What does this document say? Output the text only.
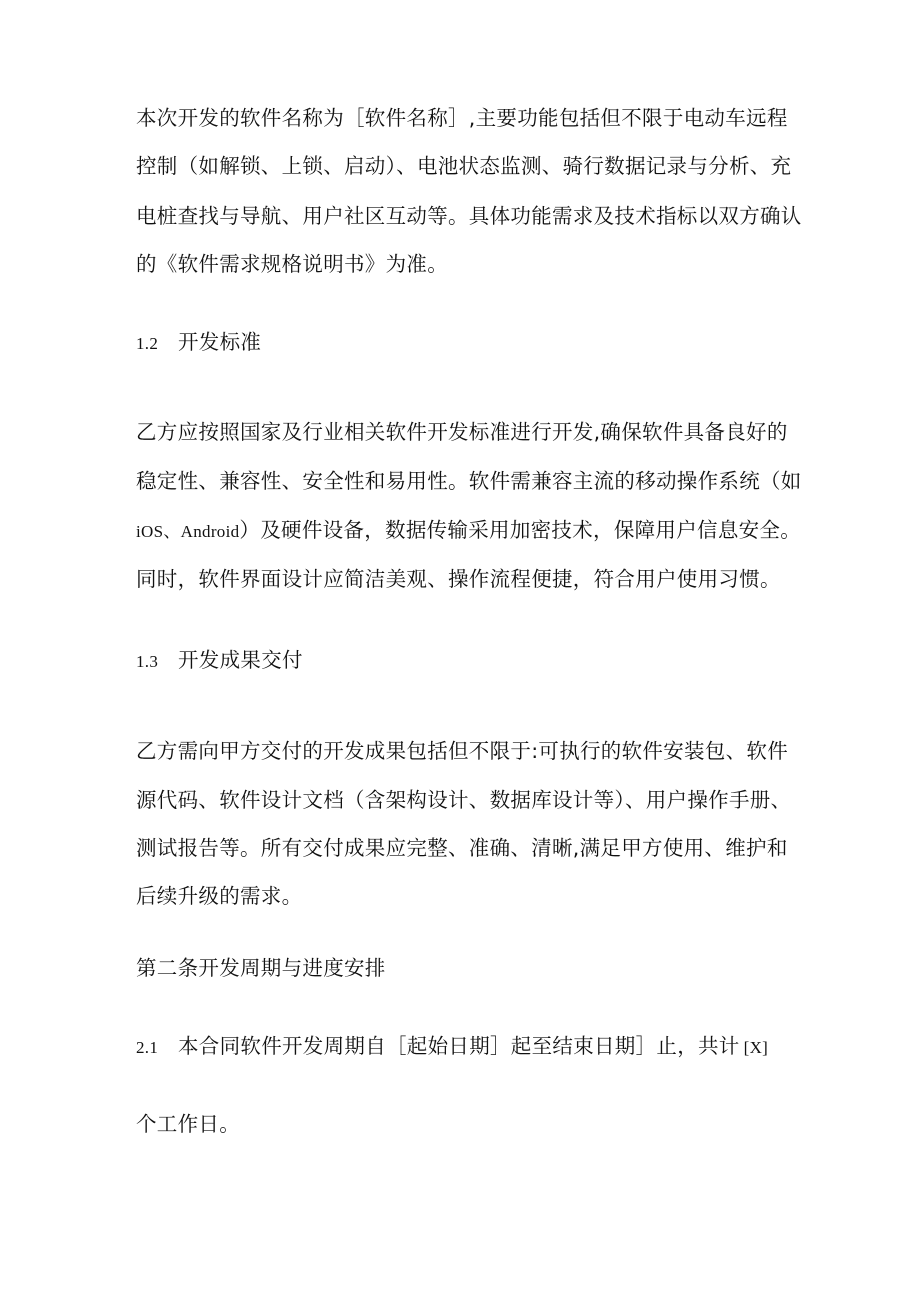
本次开发的软件名称为［软件名称］,主要功能包括但不限于电动车远程
控制（如解锁、上锁、启动）、电池状态监测、骑行数据记录与分析、充
电桩查找与导航、用户社区互动等。具体功能需求及技术指标以双方确认
的《软件需求规格说明书》为准。
1.2 开发标准
乙方应按照国家及行业相关软件开发标准进行开发,确保软件具备良好的
稳定性、兼容性、安全性和易用性。软件需兼容主流的移动操作系统（如
iOS、Android）及硬件设备，数据传输采用加密技术，保障用户信息安全。
同时，软件界面设计应简洁美观、操作流程便捷，符合用户使用习惯。
1.3 开发成果交付
乙方需向甲方交付的开发成果包括但不限于:可执行的软件安装包、软件
源代码、软件设计文档（含架构设计、数据库设计等）、用户操作手册、
测试报告等。所有交付成果应完整、准确、清晰,满足甲方使用、维护和
后续升级的需求。
第二条开发周期与进度安排
2.1 本合同软件开发周期自［起始日期］起至结束日期］止，共计 [X]
个工作日。
